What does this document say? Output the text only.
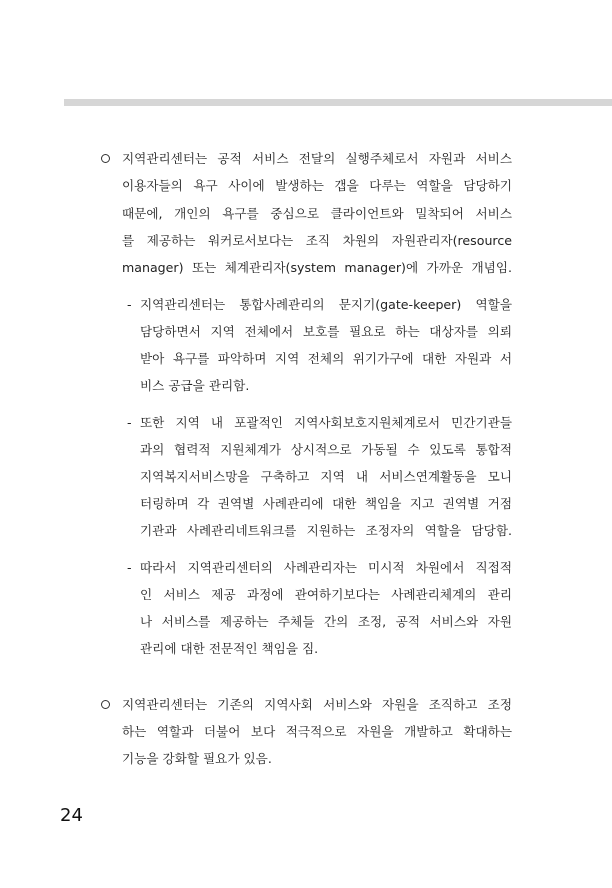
지역관리센터는 공적 서비스 전달의 실행주체로서 자원과 서비스
이용자들의 욕구 사이에 발생하는 갭을 다루는 역할을 담당하기
때문에, 개인의 욕구를 중심으로 클라이언트와 밀착되어 서비스
를 제공하는 워커로서보다는 조직 차원의 자원관리자(resource
manager) 또는 체계관리자(system manager)에 가까운 개념임.
- 지역관리센터는 통합사례관리의 문지기(gate-keeper) 역할을
담당하면서 지역 전체에서 보호를 필요로 하는 대상자를 의뢰
받아 욕구를 파악하며 지역 전체의 위기가구에 대한 자원과 서
비스 공급을 관리함.
- 또한 지역 내 포괄적인 지역사회보호지원체계로서 민간기관들
과의 협력적 지원체계가 상시적으로 가동될 수 있도록 통합적
지역복지서비스망을 구축하고 지역 내 서비스연계활동을 모니
터링하며 각 권역별 사례관리에 대한 책임을 지고 권역별 거점
기관과 사례관리네트워크를 지원하는 조정자의 역할을 담당함.
- 따라서 지역관리센터의 사례관리자는 미시적 차원에서 직접적
인 서비스 제공 과정에 관여하기보다는 사례관리체계의 관리
나 서비스를 제공하는 주체들 간의 조정, 공적 서비스와 자원
관리에 대한 전문적인 책임을 짐.
지역관리센터는 기존의 지역사회 서비스와 자원을 조직하고 조정
하는 역할과 더불어 보다 적극적으로 자원을 개발하고 확대하는
기능을 강화할 필요가 있음.
24
